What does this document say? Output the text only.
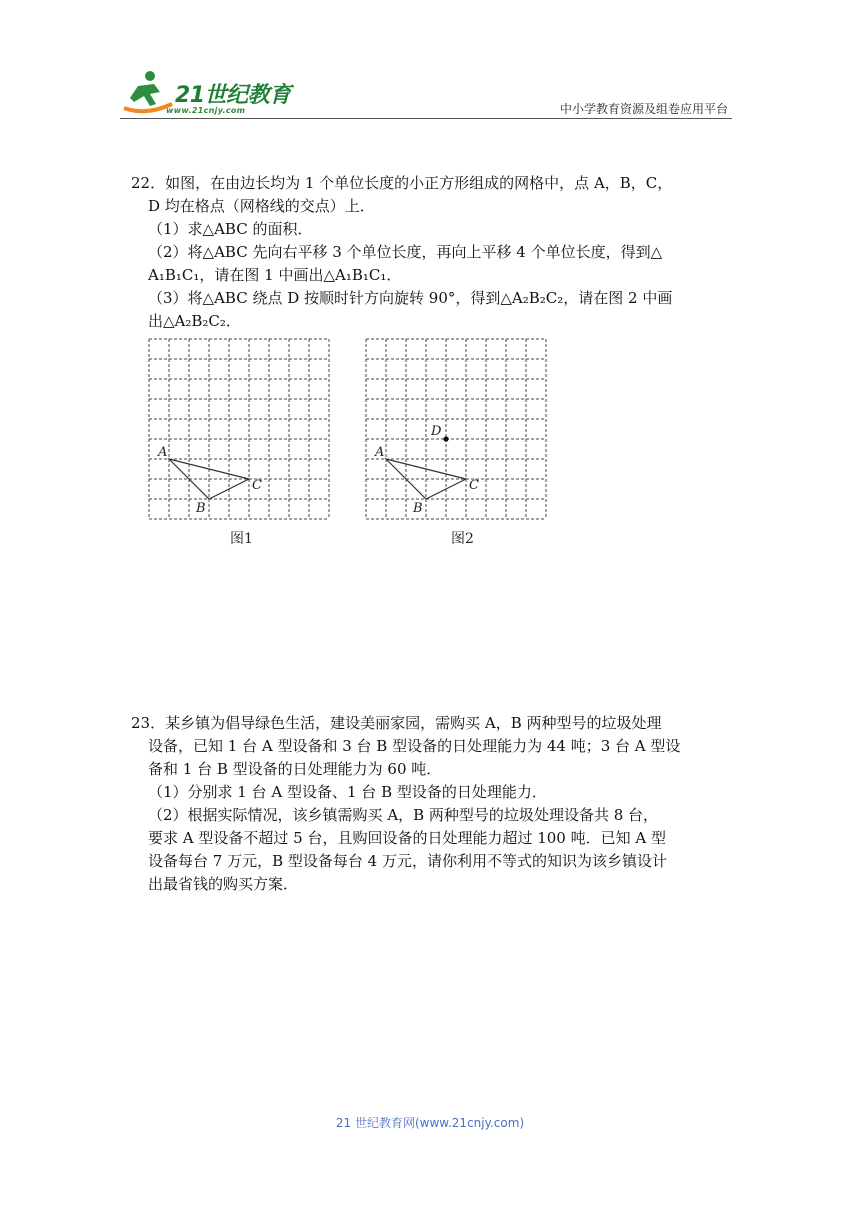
21世纪教育
www.21cnjy.com	中小学教育资源及组卷应用平台
22．如图，在由边长均为 1 个单位长度的小正方形组成的网格中，点 A，B，C，
D 均在格点（网格线的交点）上．
（1）求△ABC 的面积．
（2）将△ABC 先向右平移 3 个单位长度，再向上平移 4 个单位长度，得到△
A₁B₁C₁，请在图 1 中画出△A₁B₁C₁．
（3）将△ABC 绕点 D 按顺时针方向旋转 90°，得到△A₂B₂C₂，请在图 2 中画
出△A₂B₂C₂．
A
B
C
图1
A
B
C
D
图2
23．某乡镇为倡导绿色生活，建设美丽家园，需购买 A，B 两种型号的垃圾处理
设备，已知 1 台 A 型设备和 3 台 B 型设备的日处理能力为 44 吨；3 台 A 型设
备和 1 台 B 型设备的日处理能力为 60 吨．
（1）分别求 1 台 A 型设备、1 台 B 型设备的日处理能力．
（2）根据实际情况，该乡镇需购买 A，B 两种型号的垃圾处理设备共 8 台，
要求 A 型设备不超过 5 台，且购回设备的日处理能力超过 100 吨．已知 A 型
设备每台 7 万元，B 型设备每台 4 万元，请你利用不等式的知识为该乡镇设计
出最省钱的购买方案．
21 世纪教育网(www.21cnjy.com)
